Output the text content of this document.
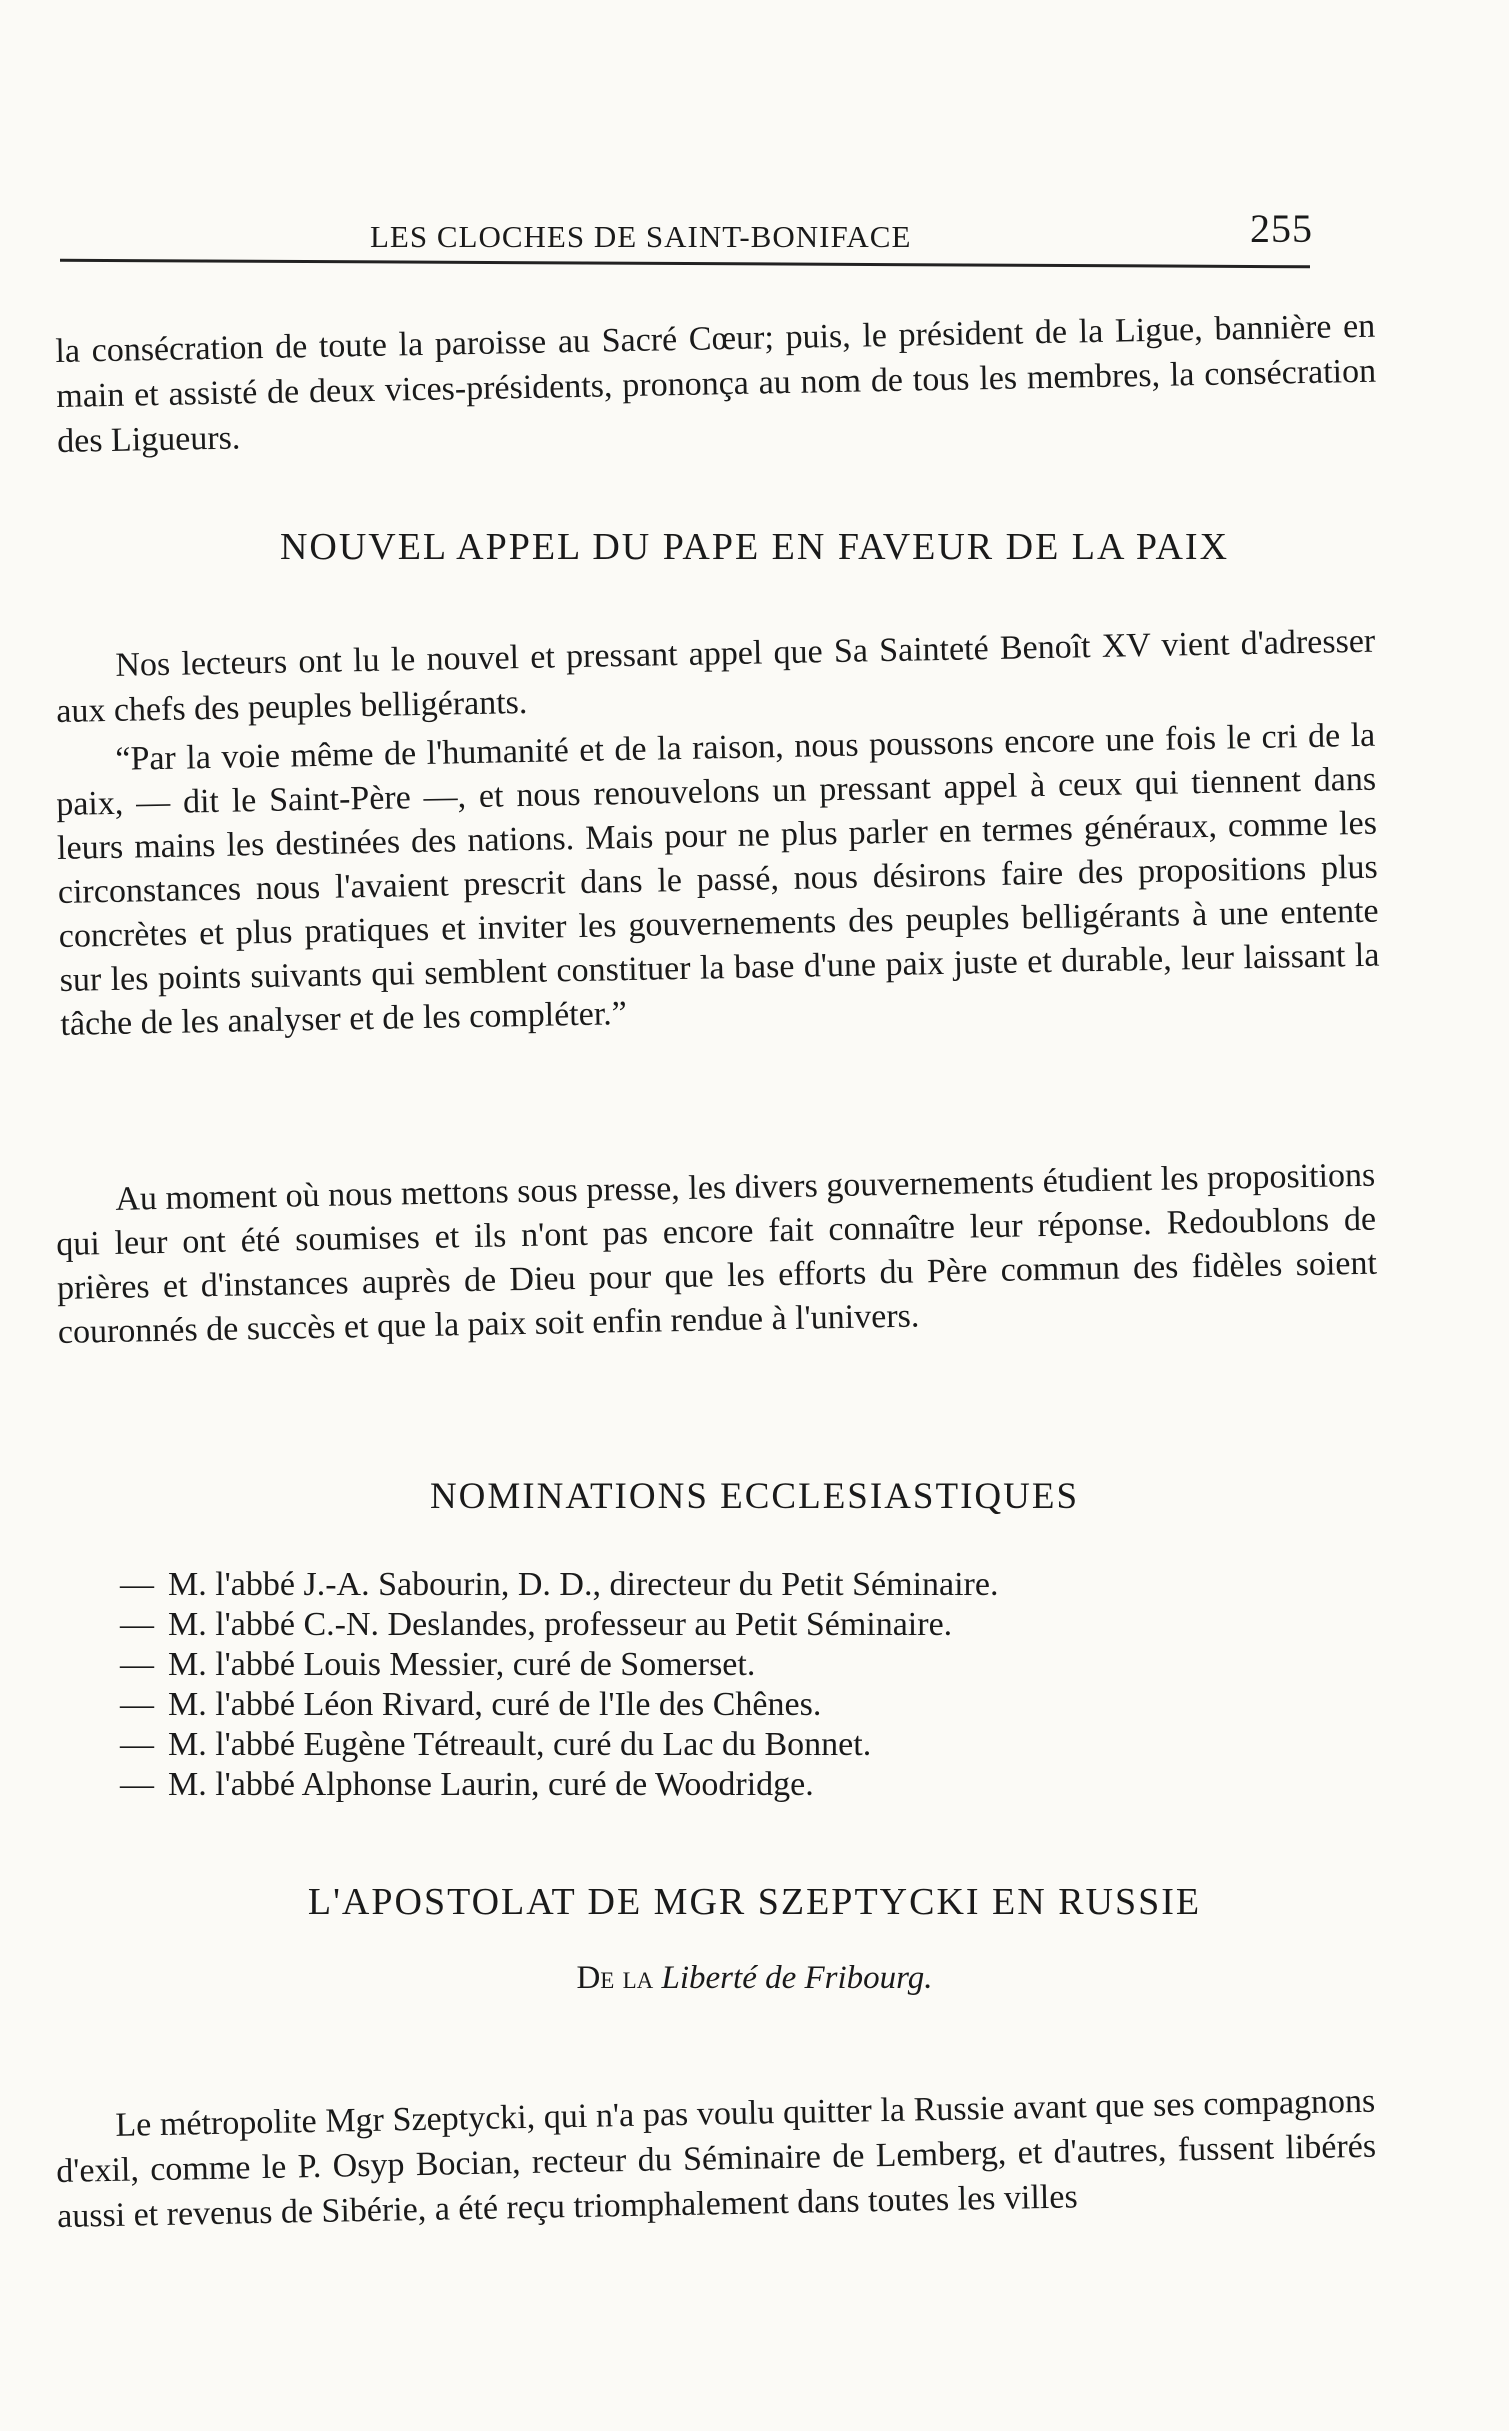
LES CLOCHES DE SAINT-BONIFACE	255

la consécration de toute la paroisse au Sacré Cœur; puis, le président de la Ligue, bannière en main et assisté de deux vices-présidents, prononça au nom de tous les membres, la consécration des Ligueurs.

NOUVEL APPEL DU PAPE EN FAVEUR DE LA PAIX

Nos lecteurs ont lu le nouvel et pressant appel que Sa Sainteté Benoît XV vient d'adresser aux chefs des peuples belligérants.

“Par la voie même de l'humanité et de la raison, nous poussons encore une fois le cri de la paix, — dit le Saint-Père —, et nous renouvelons un pressant appel à ceux qui tiennent dans leurs mains les destinées des nations. Mais pour ne plus parler en termes généraux, comme les circonstances nous l'avaient prescrit dans le passé, nous désirons faire des propositions plus concrètes et plus pratiques et inviter les gouvernements des peuples belligérants à une entente sur les points suivants qui semblent constituer la base d'une paix juste et durable, leur laissant la tâche de les analyser et de les compléter.”

Au moment où nous mettons sous presse, les divers gouvernements étudient les propositions qui leur ont été soumises et ils n'ont pas encore fait connaître leur réponse. Redoublons de prières et d'instances auprès de Dieu pour que les efforts du Père commun des fidèles soient couronnés de succès et que la paix soit enfin rendue à l'univers.

NOMINATIONS ECCLESIASTIQUES
— M. l'abbé J.-A. Sabourin, D. D., directeur du Petit Séminaire.
— M. l'abbé C.-N. Deslandes, professeur au Petit Séminaire.
— M. l'abbé Louis Messier, curé de Somerset.
— M. l'abbé Léon Rivard, curé de l'Ile des Chênes.
— M. l'abbé Eugène Tétreault, curé du Lac du Bonnet.
— M. l'abbé Alphonse Laurin, curé de Woodridge.
L'APOSTOLAT DE MGR SZEPTYCKI EN RUSSIE
De la Liberté de Fribourg.

Le métropolite Mgr Szeptycki, qui n'a pas voulu quitter la Russie avant que ses compagnons d'exil, comme le P. Osyp Bocian, recteur du Séminaire de Lemberg, et d'autres, fussent libérés aussi et revenus de Sibérie, a été reçu triomphalement dans toutes les villes
